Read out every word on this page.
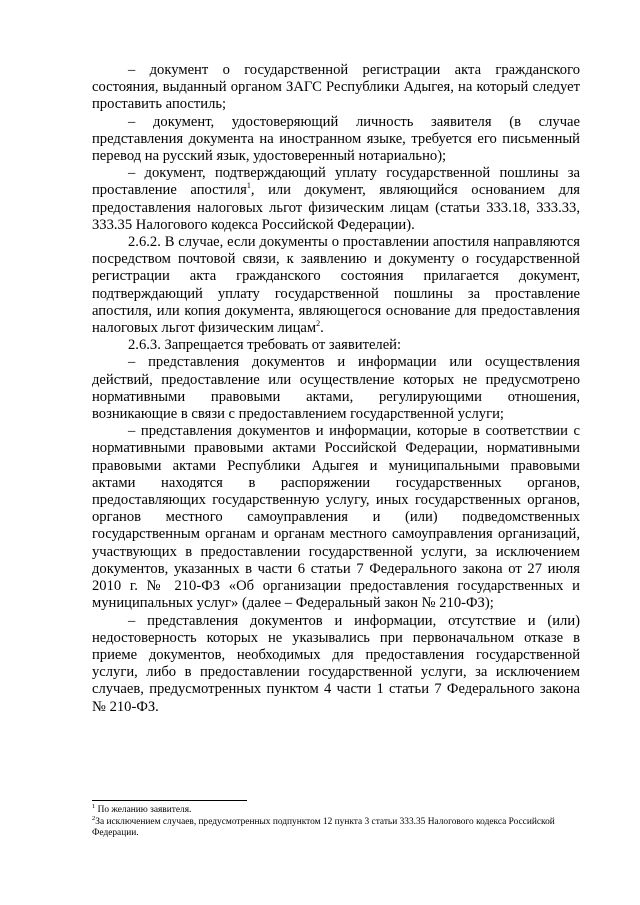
– документ о государственной регистрации акта гражданского состояния, выданный органом ЗАГС Республики Адыгея, на который следует проставить апостиль;

– документ, удостоверяющий личность заявителя (в случае представления документа на иностранном языке, требуется его письменный перевод на русский язык, удостоверенный нотариально);

– документ, подтверждающий уплату государственной пошлины за проставление апостиля$^1$, или документ, являющийся основанием для предоставления налоговых льгот физическим лицам (статьи 333.18, 333.33, 333.35 Налогового кодекса Российской Федерации).

2.6.2. В случае, если документы о проставлении апостиля направляются посредством почтовой связи, к заявлению и документу о государственной регистрации акта гражданского состояния прилагается документ, подтверждающий уплату государственной пошлины за проставление апостиля, или копия документа, являющегося основание для предоставления налоговых льгот физическим лицам$^2$.

2.6.3. Запрещается требовать от заявителей:

– представления документов и информации или осуществления действий, предоставление или осуществление которых не предусмотрено нормативными правовыми актами, регулирующими отношения, возникающие в связи с предоставлением государственной услуги;

– представления документов и информации, которые в соответствии с нормативными правовыми актами Российской Федерации, нормативными правовыми актами Республики Адыгея и муниципальными правовыми актами находятся в распоряжении государственных органов, предоставляющих государственную услугу, иных государственных органов, органов местного самоуправления и (или) подведомственных государственным органам и органам местного самоуправления организаций, участвующих в предоставлении государственной услуги, за исключением документов, указанных в части 6 статьи 7 Федерального закона от 27 июля 2010 г. № 210-ФЗ «Об организации предоставления государственных и муниципальных услуг» (далее – Федеральный закон № 210-ФЗ);

– представления документов и информации, отсутствие и (или) недостоверность которых не указывались при первоначальном отказе в приеме документов, необходимых для предоставления государственной услуги, либо в предоставлении государственной услуги, за исключением случаев, предусмотренных пунктом 4 части 1 статьи 7 Федерального закона № 210-ФЗ.

$^1$ По желанию заявителя.

$^2$За исключением случаев, предусмотренных подпунктом 12 пункта 3 статьи 333.35 Налогового кодекса Российской Федерации.
